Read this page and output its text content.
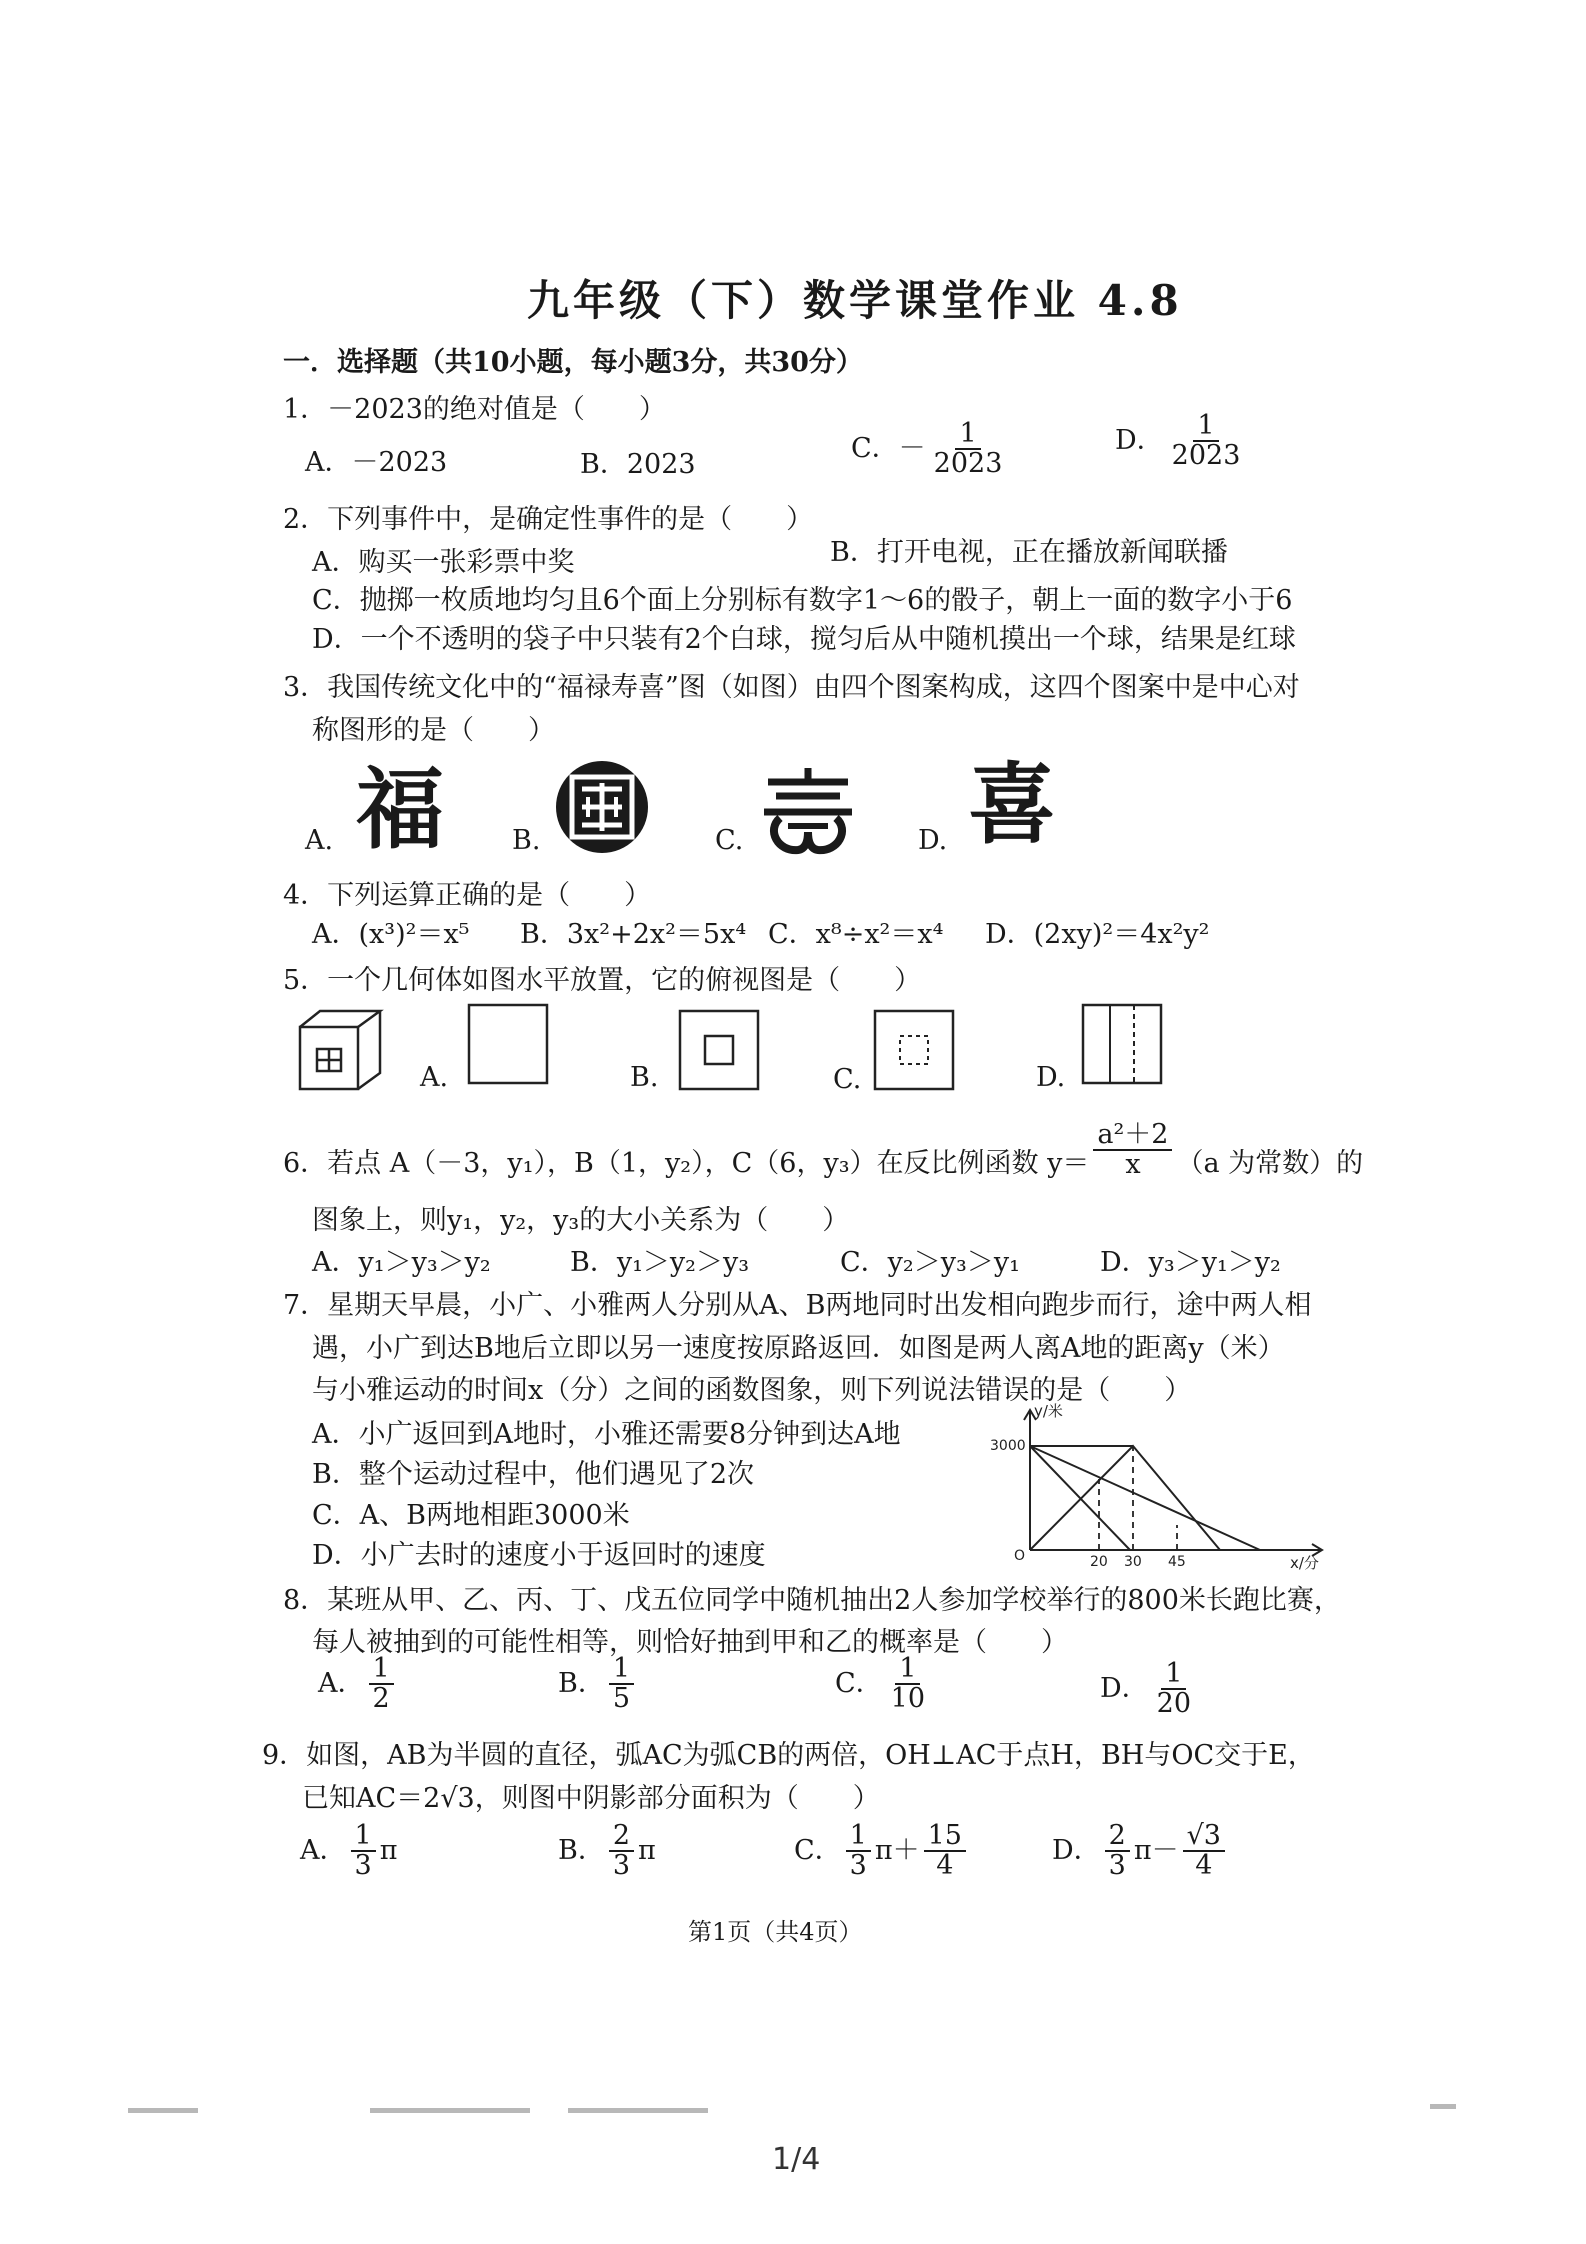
九年级（下）数学课堂作业 4.8
一．选择题（共10小题，每小题3分，共30分）
1．－2023的绝对值是（　　）
A．－2023	B．2023
C．－ $\frac{1}{2023}$	D． $\frac{1}{2023}$
2．下列事件中，是确定性事件的是（　　）
A．购买一张彩票中奖	B．打开电视，正在播放新闻联播
C．抛掷一枚质地均匀且6个面上分别标有数字1～6的骰子，朝上一面的数字小于6
D．一个不透明的袋子中只装有2个白球，搅匀后从中随机摸出一个球，结果是红球
3．我国传统文化中的“福禄寿喜”图（如图）由四个图案构成，这四个图案中是中心对
称图形的是（　　）
A. 福	B.	C.	D. 喜
4．下列运算正确的是（　　）
A．(x³)²＝x⁵ B．3x²+2x²＝5x⁴ C．x⁸÷x²＝x⁴ D．(2xy)²＝4x²y²
5．一个几何体如图水平放置，它的俯视图是（　　）
A.	B.	C.	D.
6．若点 A（－3，y₁），B（1，y₂），C（6，y₃）在反比例函数 $y= \frac{\text{a²＋2}}{x} (a$ 为常数）的
图象上，则y₁，y₂，y₃的大小关系为（　　）
A．y₁＞y₃＞y₂	B．y₁＞y₂＞y₃	C．y₂＞y₃＞y₁	D．y₃＞y₁＞y₂
7．星期天早晨，小广、小雅两人分别从A、B两地同时出发相向跑步而行，途中两人相
遇，小广到达B地后立即以另一速度按原路返回．如图是两人离A地的距离y（米）
与小雅运动的时间x（分）之间的函数图象，则下列说法错误的是（　　）
A．小广返回到A地时，小雅还需要8分钟到达A地
B．整个运动过程中，他们遇见了2次
C．A、B两地相距3000米
D．小广去时的速度小于返回时的速度
y/米
3000
O	20 30 45	x/分
8．某班从甲、乙、丙、丁、戊五位同学中随机抽出2人参加学校举行的800米长跑比赛，
每人被抽到的可能性相等，则恰好抽到甲和乙的概率是（　　）
A． $\frac{1}{2}$	B． $\frac{1}{5}$	C． $\frac{1}{10}$	D． $\frac{1}{20}$
9．如图，AB为半圆的直径，弧AC为弧CB的两倍，OH⊥AC于点H，BH与OC交于E，
已知AC＝2√3，则图中阴影部分面积为（　　）
A． $\frac{1}{3}$ π	B． $\frac{2}{3}$ π	C． $\frac{1}{3} \pi+ \frac{15}{4}$	D． $\frac{2}{3} \pi- \frac{√3}{4}$
第1页（共4页）
1/4
